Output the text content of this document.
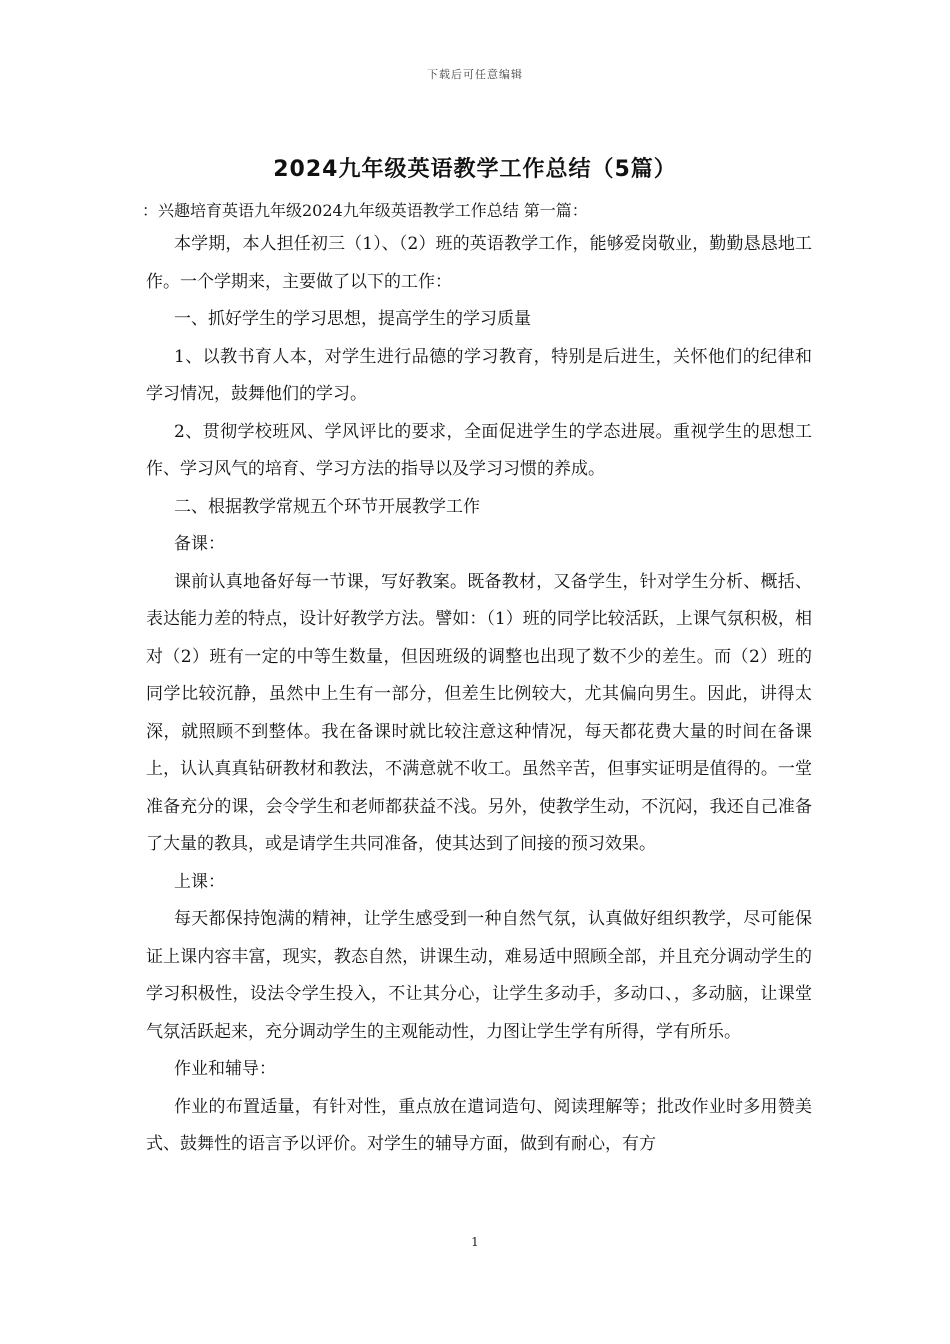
下载后可任意编辑
2024九年级英语教学工作总结（5篇）

：兴趣培育英语九年级2024九年级英语教学工作总结 第一篇：

本学期，本人担任初三（1）、（2）班的英语教学工作，能够爱岗敬业，勤勤恳恳地工作。一个学期来，主要做了以下的工作：

一、抓好学生的学习思想，提高学生的学习质量

1、以教书育人本，对学生进行品德的学习教育，特别是后进生，关怀他们的纪律和学习情况，鼓舞他们的学习。

2、贯彻学校班风、学风评比的要求，全面促进学生的学态进展。重视学生的思想工作、学习风气的培育、学习方法的指导以及学习习惯的养成。

二、根据教学常规五个环节开展教学工作

备课：

课前认真地备好每一节课，写好教案。既备教材，又备学生，针对学生分析、概括、表达能力差的特点，设计好教学方法。譬如：（1）班的同学比较活跃，上课气氛积极，相对（2）班有一定的中等生数量，但因班级的调整也出现了数不少的差生。而（2）班的同学比较沉静，虽然中上生有一部分，但差生比例较大，尤其偏向男生。因此，讲得太深，就照顾不到整体。我在备课时就比较注意这种情况，每天都花费大量的时间在备课上，认认真真钻研教材和教法，不满意就不收工。虽然辛苦，但事实证明是值得的。一堂准备充分的课，会令学生和老师都获益不浅。另外，使教学生动，不沉闷，我还自己准备了大量的教具，或是请学生共同准备，使其达到了间接的预习效果。

上课：

每天都保持饱满的精神，让学生感受到一种自然气氛，认真做好组织教学，尽可能保证上课内容丰富，现实，教态自然，讲课生动，难易适中照顾全部，并且充分调动学生的学习积极性，设法令学生投入，不让其分心，让学生多动手，多动口、，多动脑，让课堂气氛活跃起来，充分调动学生的主观能动性，力图让学生学有所得，学有所乐。

作业和辅导：

作业的布置适量，有针对性，重点放在遣词造句、阅读理解等；批改作业时多用赞美式、鼓舞性的语言予以评价。对学生的辅导方面，做到有耐心，有方

1
